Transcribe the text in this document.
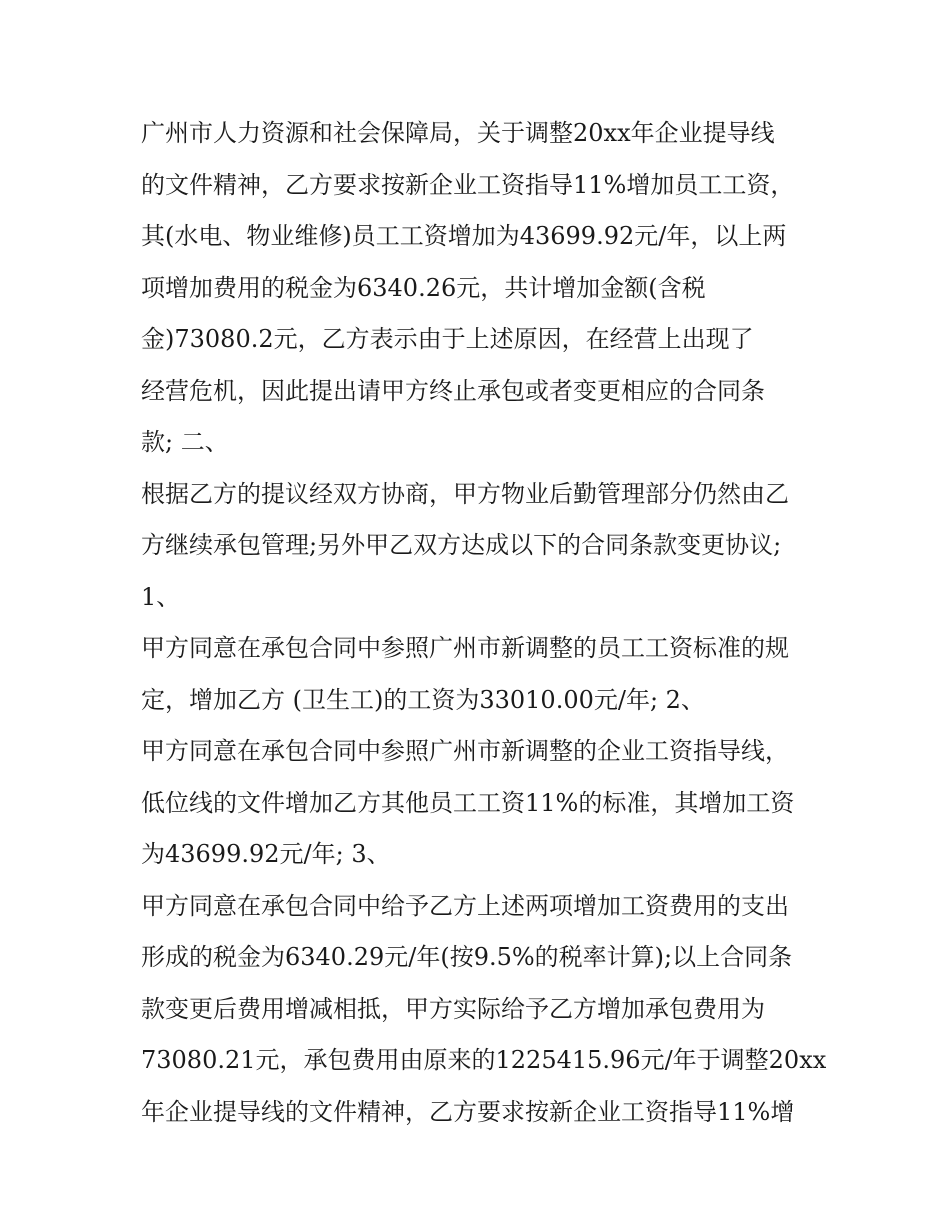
广州市人力资源和社会保障局，关于调整20xx年企业提导线
的文件精神，乙方要求按新企业工资指导11%增加员工工资，
其(水电、物业维修)员工工资增加为43699.92元/年，以上两
项增加费用的税金为6340.26元，共计增加金额(含税
金)73080.2元，乙方表示由于上述原因，在经营上出现了
经营危机，因此提出请甲方终止承包或者变更相应的合同条
款; 二、
根据乙方的提议经双方协商，甲方物业后勤管理部分仍然由乙
方继续承包管理;另外甲乙双方达成以下的合同条款变更协议;
1、
甲方同意在承包合同中参照广州市新调整的员工工资标准的规
定，增加乙方 (卫生工)的工资为33010.00元/年; 2、
甲方同意在承包合同中参照广州市新调整的企业工资指导线，
低位线的文件增加乙方其他员工工资11%的标准，其增加工资
为43699.92元/年; 3、
甲方同意在承包合同中给予乙方上述两项增加工资费用的支出
形成的税金为6340.29元/年(按9.5%的税率计算);以上合同条
款变更后费用增减相抵，甲方实际给予乙方增加承包费用为
73080.21元，承包费用由原来的1225415.96元/年于调整20xx
年企业提导线的文件精神，乙方要求按新企业工资指导11%增
